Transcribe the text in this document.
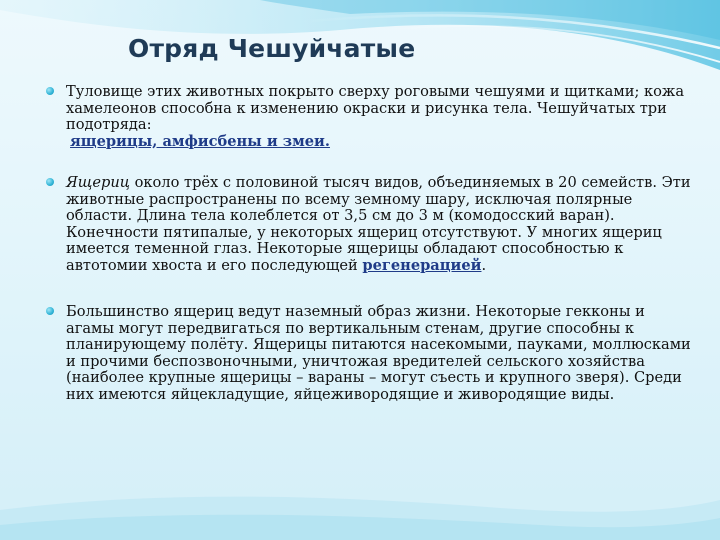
Отряд Чешуйчатые
Туловище этих животных покрыто сверху роговыми чешуями и щитками; кожа хамелеонов способна к изменению окраски и рисунка тела. Чешуйчатых три подотряда:
ящерицы, амфисбены и змеи.
Ящериц около трёх с половиной тысяч видов, объединяемых в 20 семейств. Эти животные распространены по всему земному шару, исключая полярные области. Длина тела колеблется от 3,5 см до 3 м (комодосский варан). Конечности пятипалые, у некоторых ящериц отсутствуют. У многих ящериц имеется теменной глаз. Некоторые ящерицы обладают способностью к автотомии хвоста и его последующей регенерацией.
Большинство ящериц ведут наземный образ жизни. Некоторые гекконы и агамы могут передвигаться по вертикальным стенам, другие способны к планирующему полёту. Ящерицы питаются насекомыми, пауками, моллюсками и прочими беспозвоночными, уничтожая вредителей сельского хозяйства (наиболее крупные ящерицы – вараны – могут съесть и крупного зверя). Среди них имеются яйцекладущие, яйцеживородящие и живородящие виды.
